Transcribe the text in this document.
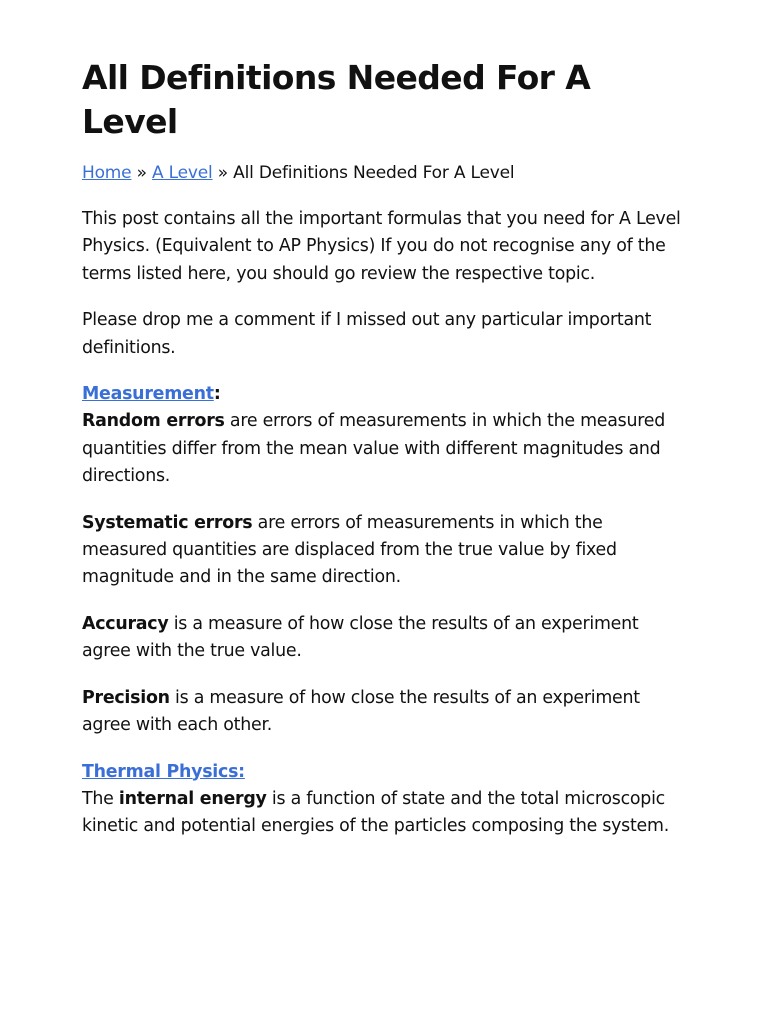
All Definitions Needed For A Level
Home » A Level » All Definitions Needed For A Level

This post contains all the important formulas that you need for A Level Physics. (Equivalent to AP Physics) If you do not recognise any of the terms listed here, you should go review the respective topic.

Please drop me a comment if I missed out any particular important definitions.

Measurement:
Random errors are errors of measurements in which the measured quantities differ from the mean value with different magnitudes and directions.

Systematic errors are errors of measurements in which the measured quantities are displaced from the true value by fixed magnitude and in the same direction.

Accuracy is a measure of how close the results of an experiment agree with the true value.

Precision is a measure of how close the results of an experiment agree with each other.

Thermal Physics:
The internal energy is a function of state and the total microscopic kinetic and potential energies of the particles composing the system.
